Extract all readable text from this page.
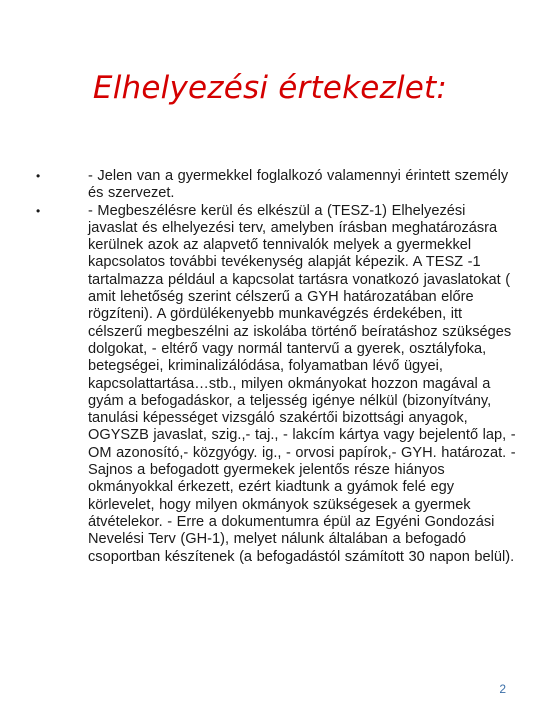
Elhelyezési értekezlet:
•	- Jelen van a gyermekkel foglalkozó valamennyi érintett személy és szervezet.
•	- Megbeszélésre kerül és elkészül a (TESZ-1) Elhelyezési javaslat és elhelyezési terv, amelyben írásban meghatározásra kerülnek azok az alapvető tennivalók melyek a gyermekkel kapcsolatos további tevékenység alapját képezik. A TESZ -1 tartalmazza például a kapcsolat tartásra vonatkozó javaslatokat ( amit lehetőség szerint célszerű a GYH határozatában előre rögzíteni). A gördülékenyebb munkavégzés érdekében, itt célszerű megbeszélni az iskolába történő beíratáshoz szükséges dolgokat, - eltérő vagy normál tantervű a gyerek, osztályfoka, betegségei, kriminalizálódása, folyamatban lévő ügyei, kapcsolattartása…stb., milyen okmányokat hozzon magával a gyám a befogadáskor, a teljesség igénye nélkül (bizonyítvány, tanulási képességet vizsgáló szakértői bizottsági anyagok, OGYSZB javaslat, szig.,- taj., - lakcím kártya vagy bejelentő lap, - OM azonosító,- közgyógy. ig., - orvosi papírok,- GYH. határozat. - Sajnos a befogadott gyermekek jelentős része hiányos okmányokkal érkezett, ezért kiadtunk a gyámok felé egy körlevelet, hogy milyen okmányok szükségesek a gyermek átvételekor. - Erre a dokumentumra épül az Egyéni Gondozási Nevelési Terv (GH-1), melyet nálunk általában a befogadó csoportban készítenek (a befogadástól számított 30 napon belül).
2
